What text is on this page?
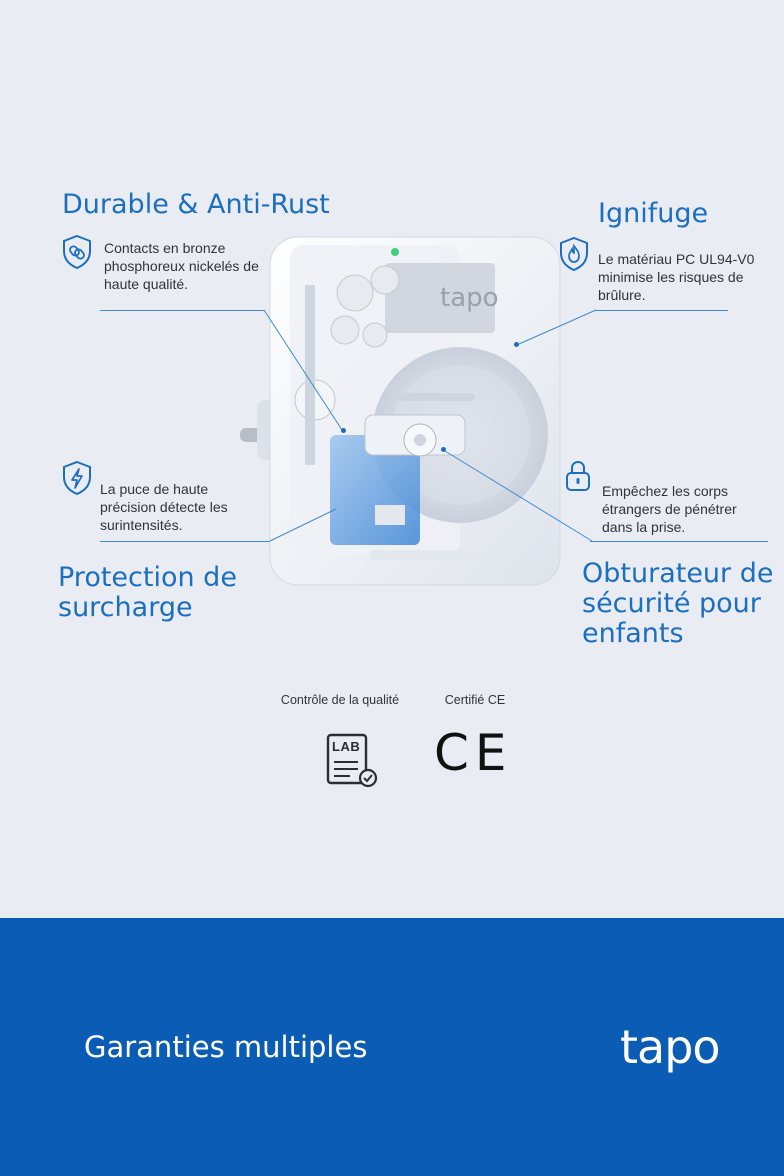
tapo
Durable & Anti-Rust
Contacts en bronze
phosphoreux nickelés de
haute qualité.
Ignifuge
Le matériau PC UL94-V0
minimise les risques de
brûlure.
La puce de haute
précision détecte les
surintensités.
Protection de
surcharge
Empêchez les corps
étrangers de pénétrer
dans la prise.
Obturateur de
sécurité pour
enfants
Contrôle de la qualité	Certifié CE
LAB CE
Garanties multiples	tapo
